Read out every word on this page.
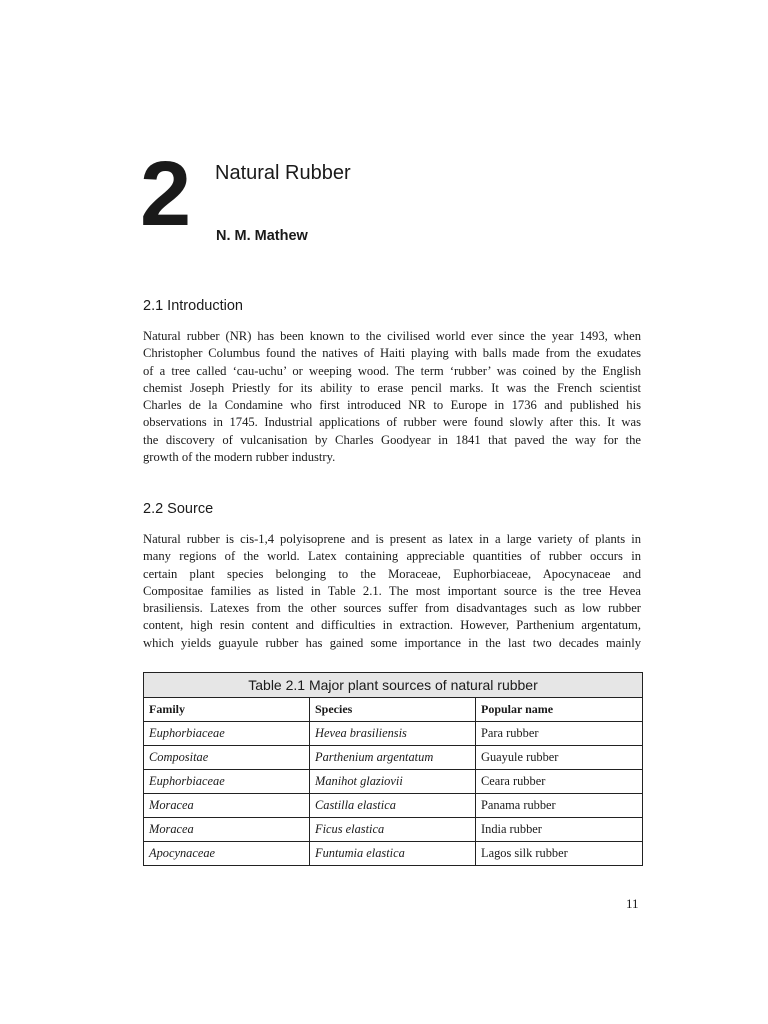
2 Natural Rubber
N. M. Mathew
2.1 Introduction
Natural rubber (NR) has been known to the civilised world ever since the year 1493, when
Christopher Columbus found the natives of Haiti playing with balls made from the exudates
of a tree called ‘cau-uchu’ or weeping wood. The term ‘rubber’ was coined by the English
chemist Joseph Priestly for its ability to erase pencil marks. It was the French scientist
Charles de la Condamine who first introduced NR to Europe in 1736 and published his
observations in 1745. Industrial applications of rubber were found slowly after this. It was
the discovery of vulcanisation by Charles Goodyear in 1841 that paved the way for the
growth of the modern rubber industry.
2.2 Source
Natural rubber is cis-1,4 polyisoprene and is present as latex in a large variety of plants in
many regions of the world. Latex containing appreciable quantities of rubber occurs in
certain plant species belonging to the Moraceae, Euphorbiaceae, Apocynaceae and
Compositae families as listed in Table 2.1. The most important source is the tree Hevea
brasiliensis. Latexes from the other sources suffer from disadvantages such as low rubber
content, high resin content and difficulties in extraction. However, Parthenium argentatum,
which yields guayule rubber has gained some importance in the last two decades mainly
Table 2.1 Major plant sources of natural rubber
Family	Species	Popular name
Euphorbiaceae	Hevea brasiliensis	Para rubber
Compositae	Parthenium argentatum	Guayule rubber
Euphorbiaceae	Manihot glaziovii	Ceara rubber
Moracea	Castilla elastica	Panama rubber
Moracea	Ficus elastica	India rubber
Apocynaceae	Funtumia elastica	Lagos silk rubber
11
